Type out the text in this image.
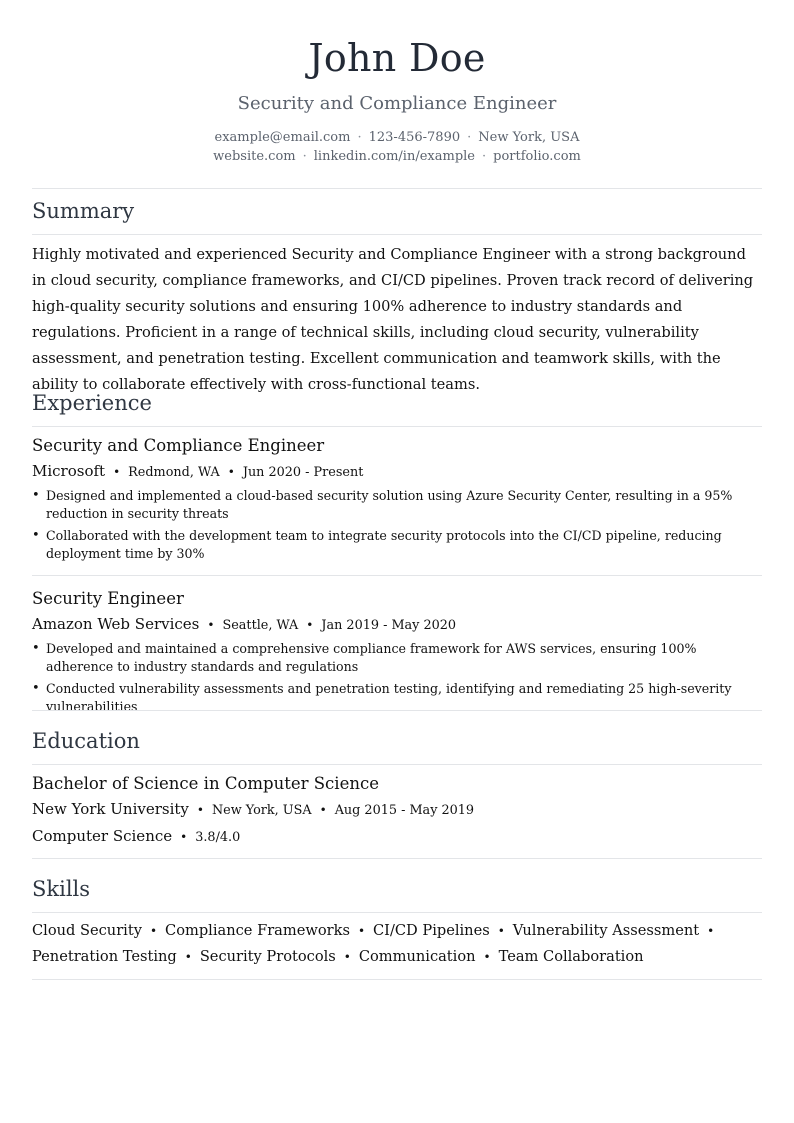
John Doe
Security and Compliance Engineer
example@email.com · 123-456-7890 · New York, USA
website.com · linkedin.com/in/example · portfolio.com
Summary

Highly motivated and experienced Security and Compliance Engineer with a strong background in cloud security, compliance frameworks, and CI/CD pipelines. Proven track record of delivering high-quality security solutions and ensuring 100% adherence to industry standards and regulations. Proficient in a range of technical skills, including cloud security, vulnerability assessment, and penetration testing. Excellent communication and teamwork skills, with the ability to collaborate effectively with cross-functional teams.

Experience
Security and Compliance Engineer
Microsoft • Redmond, WA • Jun 2020 - Present
• Designed and implemented a cloud-based security solution using Azure Security Center, resulting in a 95% reduction in security threats
• Collaborated with the development team to integrate security protocols into the CI/CD pipeline, reducing deployment time by 30%
Security Engineer
Amazon Web Services • Seattle, WA • Jan 2019 - May 2020
• Developed and maintained a comprehensive compliance framework for AWS services, ensuring 100% adherence to industry standards and regulations
• Conducted vulnerability assessments and penetration testing, identifying and remediating 25 high-severity vulnerabilities
Education
Bachelor of Science in Computer Science
New York University • New York, USA • Aug 2015 - May 2019
Computer Science • 3.8/4.0
Skills
Cloud Security • Compliance Frameworks • CI/CD Pipelines • Vulnerability Assessment •
Penetration Testing • Security Protocols • Communication • Team Collaboration
